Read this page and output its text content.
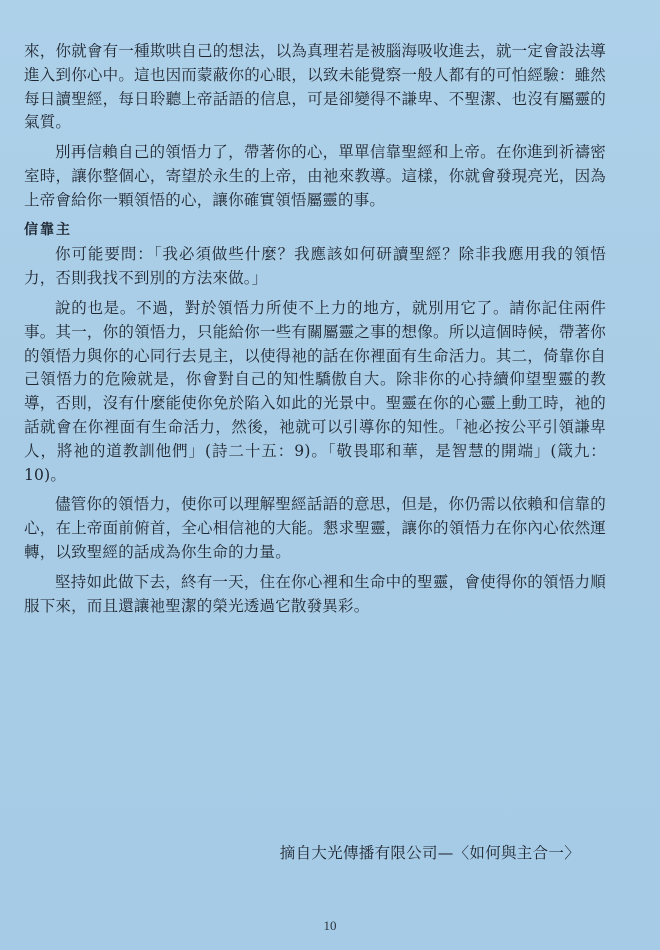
來，你就會有一種欺哄自己的想法，以為真理若是被腦海吸收進去，就一定會設法導進入到你心中。這也因而蒙蔽你的心眼，以致未能覺察一般人都有的可怕經驗：雖然每日讀聖經，每日聆聽上帝話語的信息，可是卻變得不謙卑、不聖潔、也沒有屬靈的氣質。

別再信賴自己的領悟力了，帶著你的心，單單信靠聖經和上帝。在你進到祈禱密室時，讓你整個心，寄望於永生的上帝，由祂來教導。這樣，你就會發現亮光，因為上帝會給你一顆領悟的心，讓你確實領悟屬靈的事。

信靠主

你可能要問：「我必須做些什麼？我應該如何研讀聖經？除非我應用我的領悟力，否則我找不到別的方法來做。」

說的也是。不過，對於領悟力所使不上力的地方，就別用它了。請你記住兩件事。其一，你的領悟力，只能給你一些有關屬靈之事的想像。所以這個時候，帶著你的領悟力與你的心同行去見主，以使得祂的話在你裡面有生命活力。其二，倚靠你自己領悟力的危險就是，你會對自己的知性驕傲自大。除非你的心持續仰望聖靈的教導，否則，沒有什麼能使你免於陷入如此的光景中。聖靈在你的心靈上動工時，祂的話就會在你裡面有生命活力，然後，祂就可以引導你的知性。「祂必按公平引領謙卑人，將祂的道教訓他們」(詩二十五：9)。「敬畏耶和華，是智慧的開端」(箴九：10)。

儘管你的領悟力，使你可以理解聖經話語的意思，但是，你仍需以依賴和信靠的心，在上帝面前俯首，全心相信祂的大能。懇求聖靈，讓你的領悟力在你內心依然運轉，以致聖經的話成為你生命的力量。

堅持如此做下去，終有一天，住在你心裡和生命中的聖靈，會使得你的領悟力順服下來，而且還讓祂聖潔的榮光透過它散發異彩。

摘自大光傳播有限公司—〈如何與主合一〉
10
